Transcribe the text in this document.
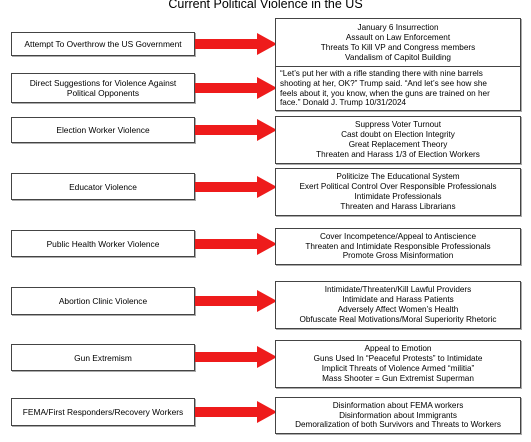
Current Political Violence in the US
Attempt To Overthrow the US Government
January 6 Insurrection
Assault on Law Enforcement
Threats To Kill VP and Congress members
Vandalism of Capitol Building
Direct Suggestions for Violence Against Political Opponents
“Let’s put her with a rifle standing there with nine barrels
shooting at her, OK?” Trump said. “And let’s see how she
feels about it, you know, when the guns are trained on her
face.” Donald J. Trump 10/31/2024
Election Worker Violence
Suppress Voter Turnout
Cast doubt on Election Integrity
Great Replacement Theory
Threaten and Harass 1/3 of Election Workers
Educator Violence
Politicize The Educational System
Exert Political Control Over Responsible Professionals
Intimidate Professionals
Threaten and Harass Librarians
Public Health Worker Violence
Cover Incompetence/Appeal to Antiscience
Threaten and Intimidate Responsible Professionals
Promote Gross Misinformation
Abortion Clinic Violence
Intimidate/Threaten/Kill Lawful Providers
Intimidate and Harass Patients
Adversely Affect Women’s Health
Obfuscate Real Motivations/Moral Superiority Rhetoric
Gun Extremism
Appeal to Emotion
Guns Used In “Peaceful Protests” to Intimidate
Implicit Threats of Violence Armed “militia”
Mass Shooter = Gun Extremist Superman
FEMA/First Responders/Recovery Workers
Disinformation about FEMA workers
Disinformation about Immigrants
Demoralization of both Survivors and Threats to Workers
